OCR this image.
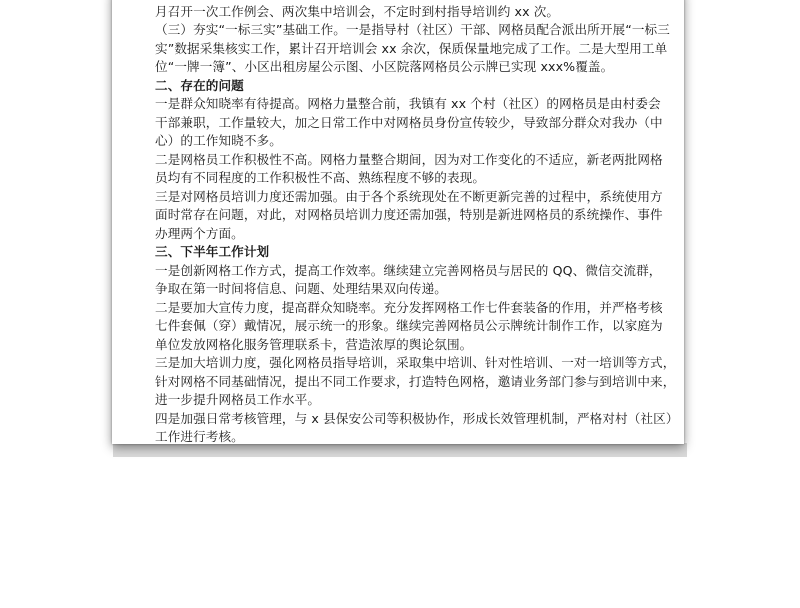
月召开一次工作例会、两次集中培训会，不定时到村指导培训约 xx 次。
（三）夯实“一标三实”基础工作。一是指导村（社区）干部、网格员配合派出所开展“一标三
实”数据采集核实工作，累计召开培训会 xx 余次，保质保量地完成了工作。二是大型用工单
位“一牌一簿”、小区出租房屋公示图、小区院落网格员公示牌已实现 xxx%覆盖。
二、存在的问题
一是群众知晓率有待提高。网格力量整合前，我镇有 xx 个村（社区）的网格员是由村委会
干部兼职，工作量较大，加之日常工作中对网格员身份宣传较少，导致部分群众对我办（中
心）的工作知晓不多。
二是网格员工作积极性不高。网格力量整合期间，因为对工作变化的不适应，新老两批网格
员均有不同程度的工作积极性不高、熟练程度不够的表现。
三是对网格员培训力度还需加强。由于各个系统现处在不断更新完善的过程中，系统使用方
面时常存在问题，对此，对网格员培训力度还需加强，特别是新进网格员的系统操作、事件
办理两个方面。
三、下半年工作计划
一是创新网格工作方式，提高工作效率。继续建立完善网格员与居民的 QQ、微信交流群，
争取在第一时间将信息、问题、处理结果双向传递。
二是要加大宣传力度，提高群众知晓率。充分发挥网格工作七件套装备的作用，并严格考核
七件套佩（穿）戴情况，展示统一的形象。继续完善网格员公示牌统计制作工作，以家庭为
单位发放网格化服务管理联系卡，营造浓厚的舆论氛围。
三是加大培训力度，强化网格员指导培训，采取集中培训、针对性培训、一对一培训等方式，
针对网格不同基础情况，提出不同工作要求，打造特色网格，邀请业务部门参与到培训中来，
进一步提升网格员工作水平。
四是加强日常考核管理，与 x 县保安公司等积极协作，形成长效管理机制，严格对村（社区）
工作进行考核。
